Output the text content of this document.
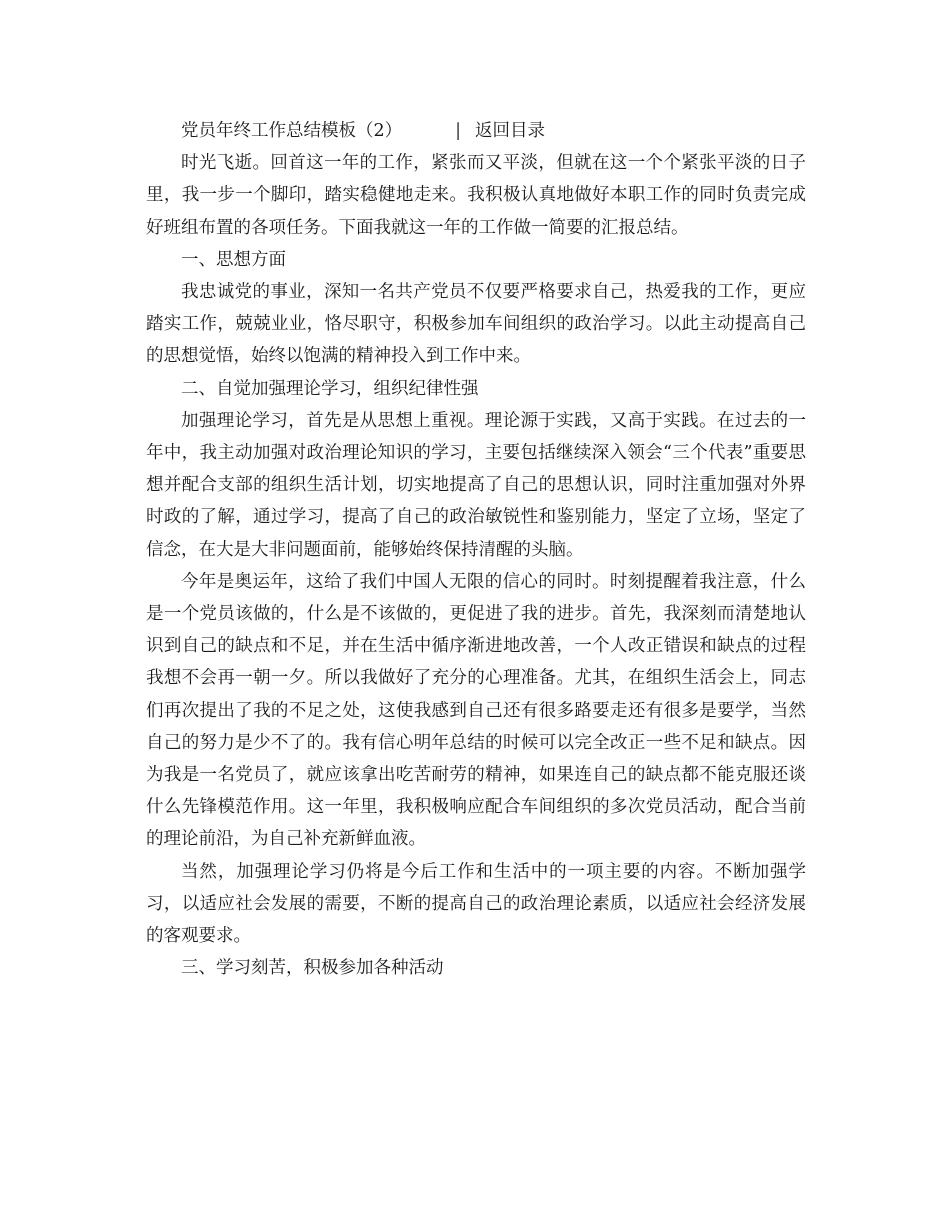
党员年终工作总结模板（2）	| 返回目录

时光飞逝。回首这一年的工作，紧张而又平淡，但就在这一个个紧张平淡的日子里，我一步一个脚印，踏实稳健地走来。我积极认真地做好本职工作的同时负责完成好班组布置的各项任务。下面我就这一年的工作做一简要的汇报总结。

一、思想方面

我忠诚党的事业，深知一名共产党员不仅要严格要求自己，热爱我的工作，更应踏实工作，兢兢业业，恪尽职守，积极参加车间组织的政治学习。以此主动提高自己的思想觉悟，始终以饱满的精神投入到工作中来。

二、自觉加强理论学习，组织纪律性强

加强理论学习，首先是从思想上重视。理论源于实践，又高于实践。在过去的一年中，我主动加强对政治理论知识的学习，主要包括继续深入领会“三个代表”重要思想并配合支部的组织生活计划，切实地提高了自己的思想认识，同时注重加强对外界时政的了解，通过学习，提高了自己的政治敏锐性和鉴别能力，坚定了立场，坚定了信念，在大是大非问题面前，能够始终保持清醒的头脑。

今年是奥运年，这给了我们中国人无限的信心的同时。时刻提醒着我注意，什么是一个党员该做的，什么是不该做的，更促进了我的进步。首先，我深刻而清楚地认识到自己的缺点和不足，并在生活中循序渐进地改善，一个人改正错误和缺点的过程我想不会再一朝一夕。所以我做好了充分的心理准备。尤其，在组织生活会上，同志们再次提出了我的不足之处，这使我感到自己还有很多路要走还有很多是要学，当然自己的努力是少不了的。我有信心明年总结的时候可以完全改正一些不足和缺点。因为我是一名党员了，就应该拿出吃苦耐劳的精神，如果连自己的缺点都不能克服还谈什么先锋模范作用。这一年里，我积极响应配合车间组织的多次党员活动，配合当前的理论前沿，为自己补充新鲜血液。

当然，加强理论学习仍将是今后工作和生活中的一项主要的内容。不断加强学习，以适应社会发展的需要，不断的提高自己的政治理论素质，以适应社会经济发展的客观要求。

三、学习刻苦，积极参加各种活动
